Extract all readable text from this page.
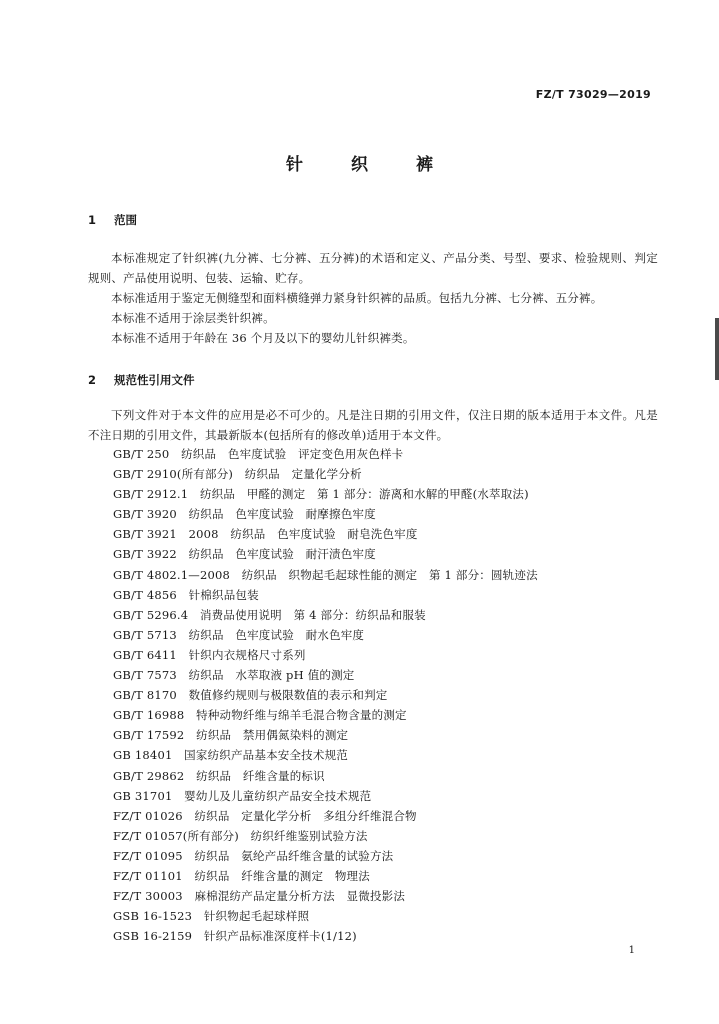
FZ/T 73029—2019
针	织	裤
1 范围
本标准规定了针织裤(九分裤、七分裤、五分裤)的术语和定义、产品分类、号型、要求、检验规则、判定规则、产品使用说明、包装、运输、贮存。
本标准适用于鉴定无侧缝型和面料横缝弹力紧身针织裤的品质。包括九分裤、七分裤、五分裤。
本标准不适用于涂层类针织裤。
本标准不适用于年龄在 36 个月及以下的婴幼儿针织裤类。
2 规范性引用文件
下列文件对于本文件的应用是必不可少的。凡是注日期的引用文件，仅注日期的版本适用于本文件。凡是不注日期的引用文件，其最新版本(包括所有的修改单)适用于本文件。
GB/T 250　纺织品　色牢度试验　评定变色用灰色样卡
GB/T 2910(所有部分)　纺织品　定量化学分析
GB/T 2912.1　纺织品　甲醛的测定　第 1 部分：游离和水解的甲醛(水萃取法)
GB/T 3920　纺织品　色牢度试验　耐摩擦色牢度
GB/T 3921　2008　纺织品　色牢度试验　耐皂洗色牢度
GB/T 3922　纺织品　色牢度试验　耐汗渍色牢度
GB/T 4802.1—2008　纺织品　织物起毛起球性能的测定　第 1 部分：圆轨迹法
GB/T 4856　针棉织品包装
GB/T 5296.4　消费品使用说明　第 4 部分：纺织品和服装
GB/T 5713　纺织品　色牢度试验　耐水色牢度
GB/T 6411　针织内衣规格尺寸系列
GB/T 7573　纺织品　水萃取液 pH 值的测定
GB/T 8170　数值修约规则与极限数值的表示和判定
GB/T 16988　特种动物纤维与绵羊毛混合物含量的测定
GB/T 17592　纺织品　禁用偶氮染料的测定
GB 18401　国家纺织产品基本安全技术规范
GB/T 29862　纺织品　纤维含量的标识
GB 31701　婴幼儿及儿童纺织产品安全技术规范
FZ/T 01026　纺织品　定量化学分析　多组分纤维混合物
FZ/T 01057(所有部分)　纺织纤维鉴别试验方法
FZ/T 01095　纺织品　氨纶产品纤维含量的试验方法
FZ/T 01101　纺织品　纤维含量的测定　物理法
FZ/T 30003　麻棉混纺产品定量分析方法　显微投影法
GSB 16-1523　针织物起毛起球样照
GSB 16-2159　针织产品标准深度样卡(1/12)
1
